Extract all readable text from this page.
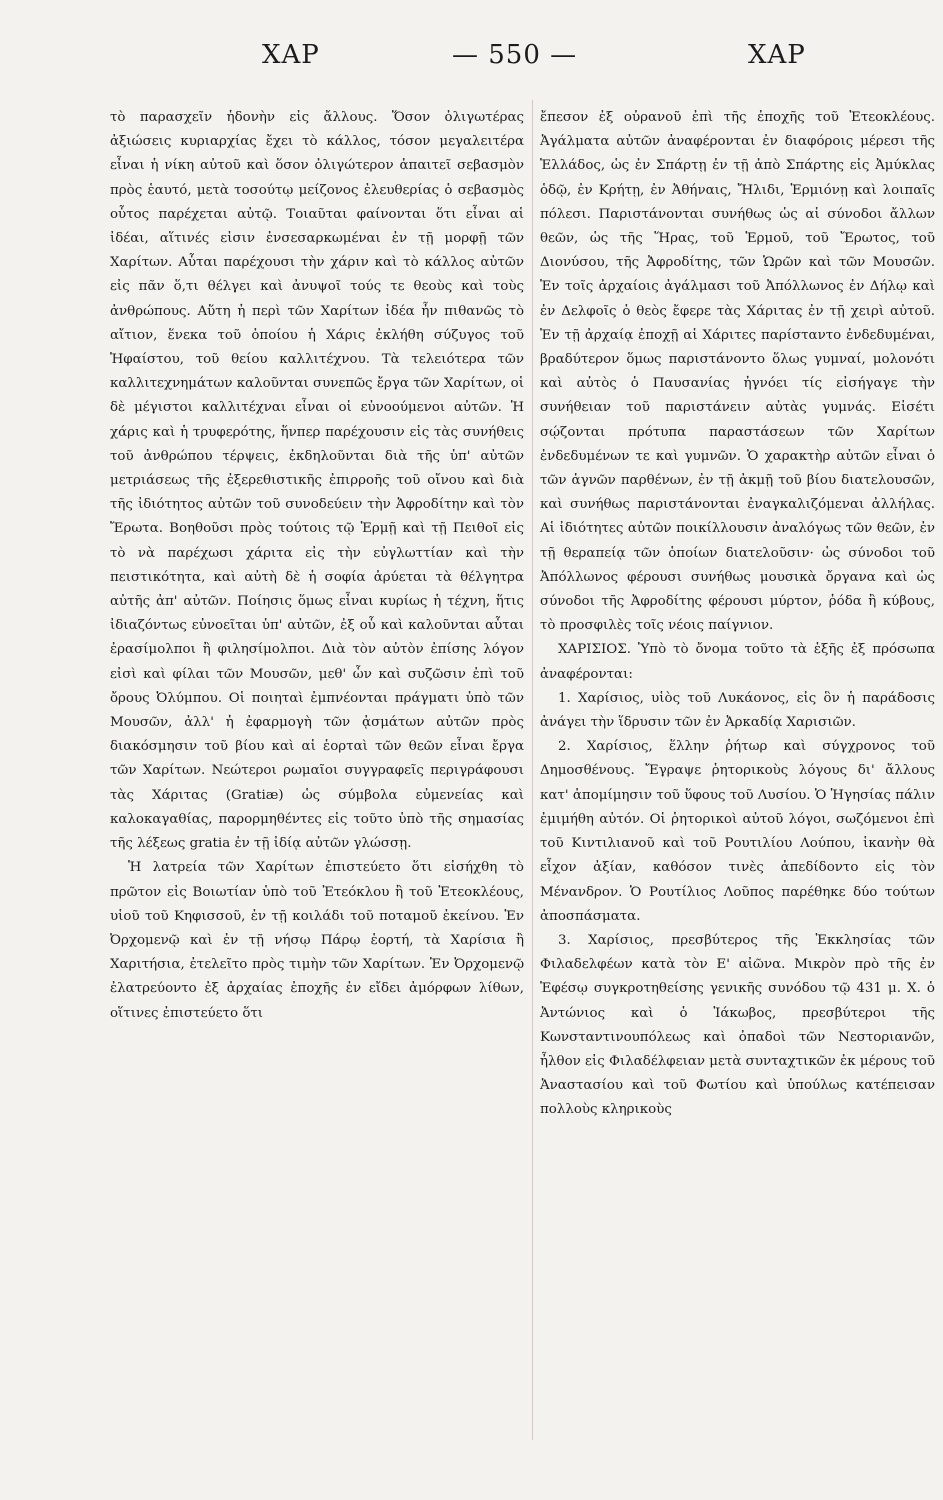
ΧΑΡ	— 550 —	ΧΑΡ

τὸ παρασχεῖν ἡδονὴν εἰς ἄλλους. Ὅσον ὀλιγωτέρας ἀξιώσεις κυριαρχίας ἔχει τὸ κάλλος, τόσον μεγαλειτέρα εἶναι ἡ νίκη αὐτοῦ καὶ ὅσον ὀλιγώτερον ἀπαιτεῖ σεβασμὸν πρὸς ἑαυτό, μετὰ τοσούτῳ μείζονος ἐλευθερίας ὁ σεβασμὸς οὗτος παρέχεται αὐτῷ. Τοιαῦται φαίνονται ὅτι εἶναι αἱ ἰδέαι, αἵτινές εἰσιν ἐνσεσαρκωμέναι ἐν τῇ μορφῇ τῶν Χαρίτων. Αὗται παρέχουσι τὴν χάριν καὶ τὸ κάλλος αὐτῶν εἰς πᾶν ὅ,τι θέλγει καὶ ἀνυψοῖ τούς τε θεοὺς καὶ τοὺς ἀνθρώπους. Αὕτη ἡ περὶ τῶν Χαρίτων ἰδέα ἦν πιθανῶς τὸ αἴτιον, ἕνεκα τοῦ ὁποίου ἡ Χάρις ἐκλήθη σύζυγος τοῦ Ἡφαίστου, τοῦ θείου καλλιτέχνου. Τὰ τελειότερα τῶν καλλιτεχνημάτων καλοῦνται συνεπῶς ἔργα τῶν Χαρίτων, οἱ δὲ μέγιστοι καλλιτέχναι εἶναι οἱ εὐνοούμενοι αὐτῶν. Ἡ χάρις καὶ ἡ τρυφερότης, ἥνπερ παρέχουσιν εἰς τὰς συνήθεις τοῦ ἀνθρώπου τέρψεις, ἐκδηλοῦνται διὰ τῆς ὑπ' αὐτῶν μετριάσεως τῆς ἐξερεθιστικῆς ἐπιρροῆς τοῦ οἴνου καὶ διὰ τῆς ἰδιότητος αὐτῶν τοῦ συνοδεύειν τὴν Ἀφροδίτην καὶ τὸν Ἔρωτα. Βοηθοῦσι πρὸς τούτοις τῷ Ἑρμῇ καὶ τῇ Πειθοῖ εἰς τὸ νὰ παρέχωσι χάριτα εἰς τὴν εὐγλωττίαν καὶ τὴν πειστικότητα, καὶ αὐτὴ δὲ ἡ σοφία ἀρύεται τὰ θέλγητρα αὐτῆς ἀπ' αὐτῶν. Ποίησις ὅμως εἶναι κυρίως ἡ τέχνη, ἥτις ἰδιαζόντως εὐνοεῖται ὑπ' αὐτῶν, ἐξ οὗ καὶ καλοῦνται αὗται ἐρασίμολποι ἢ φιλησίμολποι. Διὰ τὸν αὐτὸν ἐπίσης λόγον εἰσὶ καὶ φίλαι τῶν Μουσῶν, μεθ' ὧν καὶ συζῶσιν ἐπὶ τοῦ ὄρους Ὀλύμπου. Οἱ ποιηταὶ ἐμπνέονται πράγματι ὑπὸ τῶν Μουσῶν, ἀλλ' ἡ ἐφαρμογὴ τῶν ᾀσμάτων αὐτῶν πρὸς διακόσμησιν τοῦ βίου καὶ αἱ ἑορταὶ τῶν θεῶν εἶναι ἔργα τῶν Χαρίτων. Νεώτεροι ρωμαῖοι συγγραφεῖς περιγράφουσι τὰς Χάριτας (Gratiæ) ὡς σύμβολα εὐμενείας καὶ καλοκαγαθίας, παρορμηθέντες εἰς τοῦτο ὑπὸ τῆς σημασίας τῆς λέξεως gratia ἐν τῇ ἰδίᾳ αὐτῶν γλώσσῃ.

Ἡ λατρεία τῶν Χαρίτων ἐπιστεύετο ὅτι εἰσήχθη τὸ πρῶτον εἰς Βοιωτίαν ὑπὸ τοῦ Ἐτεόκλου ἢ τοῦ Ἐτεοκλέους, υἱοῦ τοῦ Κηφισσοῦ, ἐν τῇ κοιλάδι τοῦ ποταμοῦ ἐκείνου. Ἐν Ὀρχομενῷ καὶ ἐν τῇ νήσῳ Πάρῳ ἑορτή, τὰ Χαρίσια ἢ Χαριτήσια, ἐτελεῖτο πρὸς τιμὴν τῶν Χαρίτων. Ἐν Ὀρχομενῷ ἐλατρεύοντο ἐξ ἀρχαίας ἐποχῆς ἐν εἴδει ἀμόρφων λίθων, οἵτινες ἐπιστεύετο ὅτι

ἔπεσον ἐξ οὐρανοῦ ἐπὶ τῆς ἐποχῆς τοῦ Ἐτεοκλέους. Ἀγάλματα αὐτῶν ἀναφέρονται ἐν διαφόροις μέρεσι τῆς Ἑλλάδος, ὡς ἐν Σπάρτῃ ἐν τῇ ἀπὸ Σπάρτης εἰς Ἀμύκλας ὁδῷ, ἐν Κρήτῃ, ἐν Ἀθήναις, Ἤλιδι, Ἑρμιόνῃ καὶ λοιπαῖς πόλεσι. Παριστάνονται συνήθως ὡς αἱ σύνοδοι ἄλλων θεῶν, ὡς τῆς Ἥρας, τοῦ Ἑρμοῦ, τοῦ Ἔρωτος, τοῦ Διονύσου, τῆς Ἀφροδίτης, τῶν Ὡρῶν καὶ τῶν Μουσῶν. Ἐν τοῖς ἀρχαίοις ἀγάλμασι τοῦ Ἀπόλλωνος ἐν Δήλῳ καὶ ἐν Δελφοῖς ὁ θεὸς ἔφερε τὰς Χάριτας ἐν τῇ χειρὶ αὐτοῦ. Ἐν τῇ ἀρχαίᾳ ἐποχῇ αἱ Χάριτες παρίσταντο ἐνδεδυμέναι, βραδύτερον ὅμως παριστάνοντο ὅλως γυμναί, μολονότι καὶ αὐτὸς ὁ Παυσανίας ἠγνόει τίς εἰσήγαγε τὴν συνήθειαν τοῦ παριστάνειν αὐτὰς γυμνάς. Εἰσέτι σῴζονται πρότυπα παραστάσεων τῶν Χαρίτων ἐνδεδυμένων τε καὶ γυμνῶν. Ὁ χαρακτὴρ αὐτῶν εἶναι ὁ τῶν ἁγνῶν παρθένων, ἐν τῇ ἀκμῇ τοῦ βίου διατελουσῶν, καὶ συνήθως παριστάνονται ἐναγκαλιζόμεναι ἀλλήλας. Αἱ ἰδιότητες αὐτῶν ποικίλλουσιν ἀναλόγως τῶν θεῶν, ἐν τῇ θεραπείᾳ τῶν ὁποίων διατελοῦσιν· ὡς σύνοδοι τοῦ Ἀπόλλωνος φέρουσι συνήθως μουσικὰ ὄργανα καὶ ὡς σύνοδοι τῆς Ἀφροδίτης φέρουσι μύρτον, ῥόδα ἢ κύβους, τὸ προσφιλὲς τοῖς νέοις παίγνιον.

ΧΑΡΙΣΙΟΣ. Ὑπὸ τὸ ὄνομα τοῦτο τὰ ἑξῆς ἐξ πρόσωπα ἀναφέρονται:

1. Χαρίσιος, υἱὸς τοῦ Λυκάονος, εἰς ὃν ἡ παράδοσις ἀνάγει τὴν ἵδρυσιν τῶν ἐν Ἀρκαδίᾳ Χαρισιῶν.

2. Χαρίσιος, ἕλλην ῥήτωρ καὶ σύγχρονος τοῦ Δημοσθένους. Ἔγραψε ῥητορικοὺς λόγους δι' ἄλλους κατ' ἀπομίμησιν τοῦ ὕφους τοῦ Λυσίου. Ὁ Ἡγησίας πάλιν ἐμιμήθη αὐτόν. Οἱ ῥητορικοὶ αὐτοῦ λόγοι, σωζόμενοι ἐπὶ τοῦ Κιντιλιανοῦ καὶ τοῦ Ρουτιλίου Λούπου, ἱκανὴν θὰ εἶχον ἀξίαν, καθόσον τινὲς ἀπεδίδοντο εἰς τὸν Μένανδρον. Ὁ Ρουτίλιος Λοῦπος παρέθηκε δύο τούτων ἀποσπάσματα.

3. Χαρίσιος, πρεσβύτερος τῆς Ἐκκλησίας τῶν Φιλαδελφέων κατὰ τὸν Ε' αἰῶνα. Μικρὸν πρὸ τῆς ἐν Ἐφέσῳ συγκροτηθείσης γενικῆς συνόδου τῷ 431 μ. Χ. ὁ Ἀντώνιος καὶ ὁ Ἰάκωβος, πρεσβύτεροι τῆς Κωνσταντινουπόλεως καὶ ὀπαδοὶ τῶν Νεστοριανῶν, ἦλθον εἰς Φιλαδέλφειαν μετὰ συνταχτικῶν ἐκ μέρους τοῦ Ἀναστασίου καὶ τοῦ Φωτίου καὶ ὑπούλως κατέπεισαν πολλοὺς κληρικοὺς
